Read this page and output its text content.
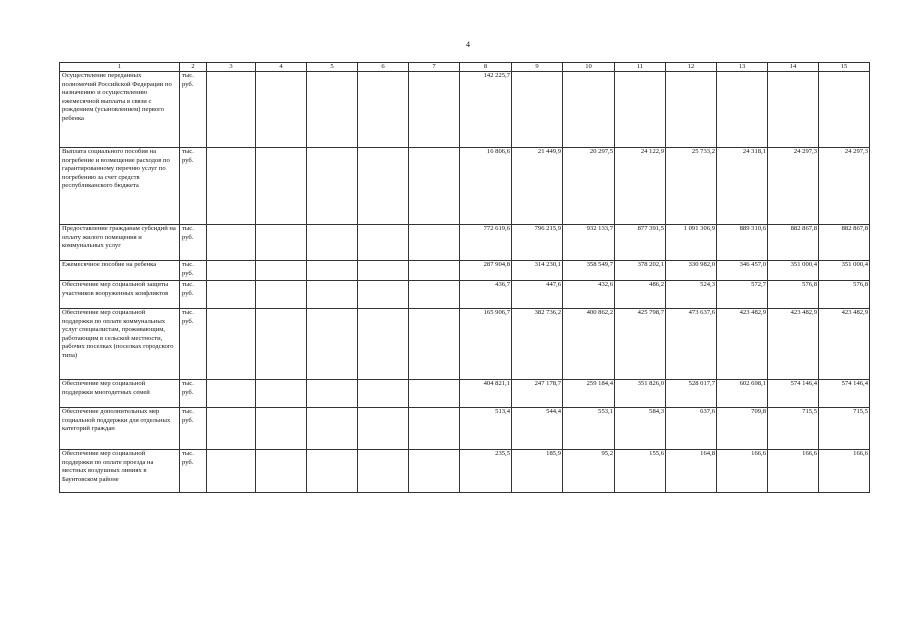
4
1	2	3	4	5	6	7	8	9	10	11	12	13	14	15
Осуществление переданных полномочий Российской Федерации по назначению и осуществлению ежемесячной выплаты в связи с рождением (усыновлением) первого ребенка	тыс. руб.						142 225,7							
Выплата социального пособия на погребение и возмещение расходов по гарантированному перечню услуг по погребению за счет средств республиканского бюджета	тыс. руб.						16 806,6	21 449,9	20 297,5	24 122,9	25 733,2	24 318,1	24 297,3	24 297,3
Предоставление гражданам субсидий на оплату жилого помещения и коммунальных услуг	тыс. руб.						772 619,6	796 215,9	932 133,7	877 391,5	1 091 306,9	889 310,6	882 867,8	882 867,8
Ежемесячное пособие на ребенка	тыс. руб.						287 904,8	314 230,1	358 549,7	378 202,1	330 982,0	346 457,0	351 000,4	351 000,4
Обеспечение мер социальной защиты участников вооруженных конфликтов	тыс. руб.						436,7	447,6	432,6	486,2	524,3	572,7	576,8	576,8
Обеспечение мер социальной поддержки по оплате коммунальных услуг специалистам, проживающим, работающим в сельской местности, рабочих поселках (поселках городского типа)	тыс. руб.						165 906,7	382 736,2	400 862,2	425 798,7	473 637,6	423 482,9	423 482,9	423 482,9
Обеспечение мер социальной поддержки многодетных семей	тыс. руб.						404 821,1	247 178,7	259 184,4	351 826,0	528 017,7	602 698,1	574 146,4	574 146,4
Обеспечение дополнительных мер социальной поддержки для отдельных категорий граждан	тыс. руб.						513,4	544,4	553,1	584,3	637,6	709,8	715,5	715,5
Обеспечение мер социальной поддержки по оплате проезда на местных воздушных линиях в Баунтовском районе	тыс. руб.						235,5	185,9	95,2	155,6	164,8	166,6	166,6	166,6
